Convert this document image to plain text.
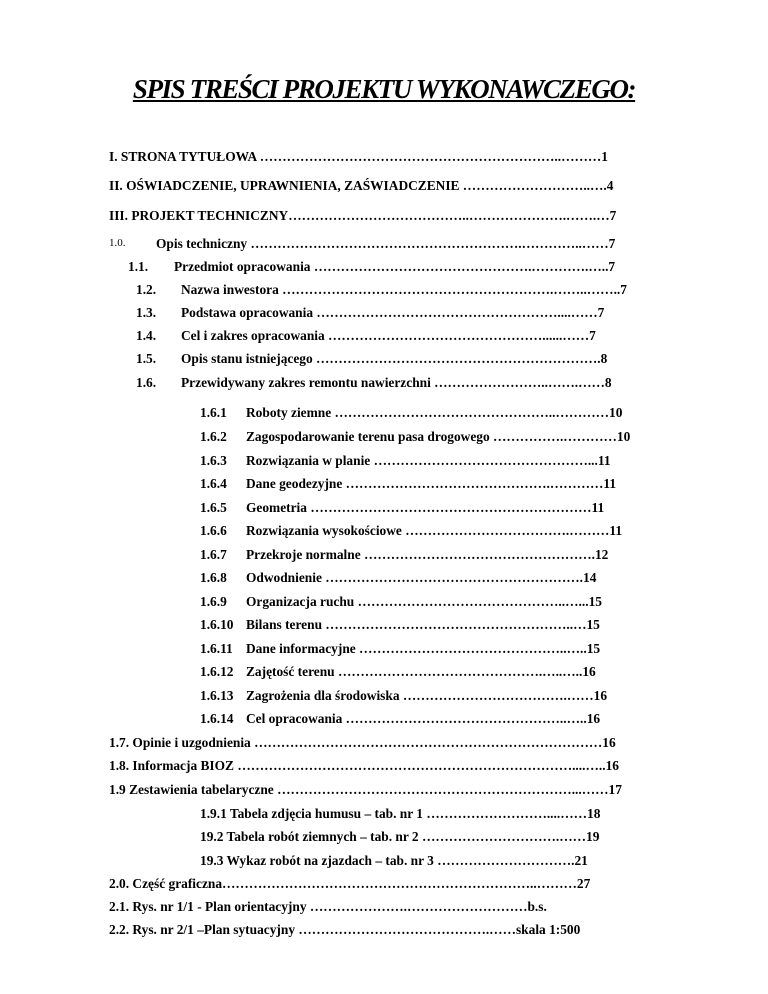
SPIS TREŚCI PROJEKTU WYKONAWCZEGO:
I. STRONA TYTUŁOWA …………………………………………………………..………1
II. OŚWIADCZENIE, UPRAWNIENIA, ZAŚWIADCZENIE ………………………..….4
III. PROJEKT TECHNICZNY…………………………………..………………….…….…7
1.0. Opis techniczny …………………………………………………….…………..……7
1.1. Przedmiot opracowania ………………………………………….………….…..7
1.2. Nazwa inwestora …………………………………………………….……..……..7
1.3. Podstawa opracowania ………………………………………………....……7
1.4. Cel i zakres opracowania …………………………………………......……7
1.5. Opis stanu istniejącego ……………………………………………………….8
1.6. Przewidywany zakres remontu nawierzchni ……………………..…….……8
1.6.1 Roboty ziemne …………………………………………..…………10
1.6.2 Zagospodarowanie terenu pasa drogowego …………….…………10
1.6.3 Rozwiązania w planie …………………………………………...11
1.6.4 Dane geodezyjne ……………………………………….…………11
1.6.5 Geometria ………………………………………………………11
1.6.6 Rozwiązania wysokościowe ……………………………….………11
1.6.7 Przekroje normalne …………………………………………….12
1.6.8 Odwodnienie ………………………………………………….14
1.6.9 Organizacja ruchu ………………………………………..…...15
1.6.10 Bilans terenu ………………………………………………..…15
1.6.11 Dane informacyjne ………………………………………..…..15
1.6.12 Zajętość terenu ……………………………………….…..…..16
1.6.13 Zagrożenia dla środowiska ……………………………….……16
1.6.14 Cel opracowania …………………………………………..…..16
1.7. Opinie i uzgodnienia ……………………………………………………………………16
1.8. Informacja BIOZ …………………………………………………………………....…..16
1.9 Zestawienia tabelaryczne …………………………………………………………...……17
1.9.1 Tabela zdjęcia humusu – tab. nr 1 ………………………....……18
19.2 Tabela robót ziemnych – tab. nr 2 ………………………….……19
19.3 Wykaz robót na zjazdach – tab. nr 3 ………………………….21
2.0. Część graficzna……………………………………………………………..………27
2.1. Rys. nr 1/1 - Plan orientacyjny ………………….………………………b.s.
2.2. Rys. nr 2/1 –Plan sytuacyjny …………………………………….……skala 1:500
